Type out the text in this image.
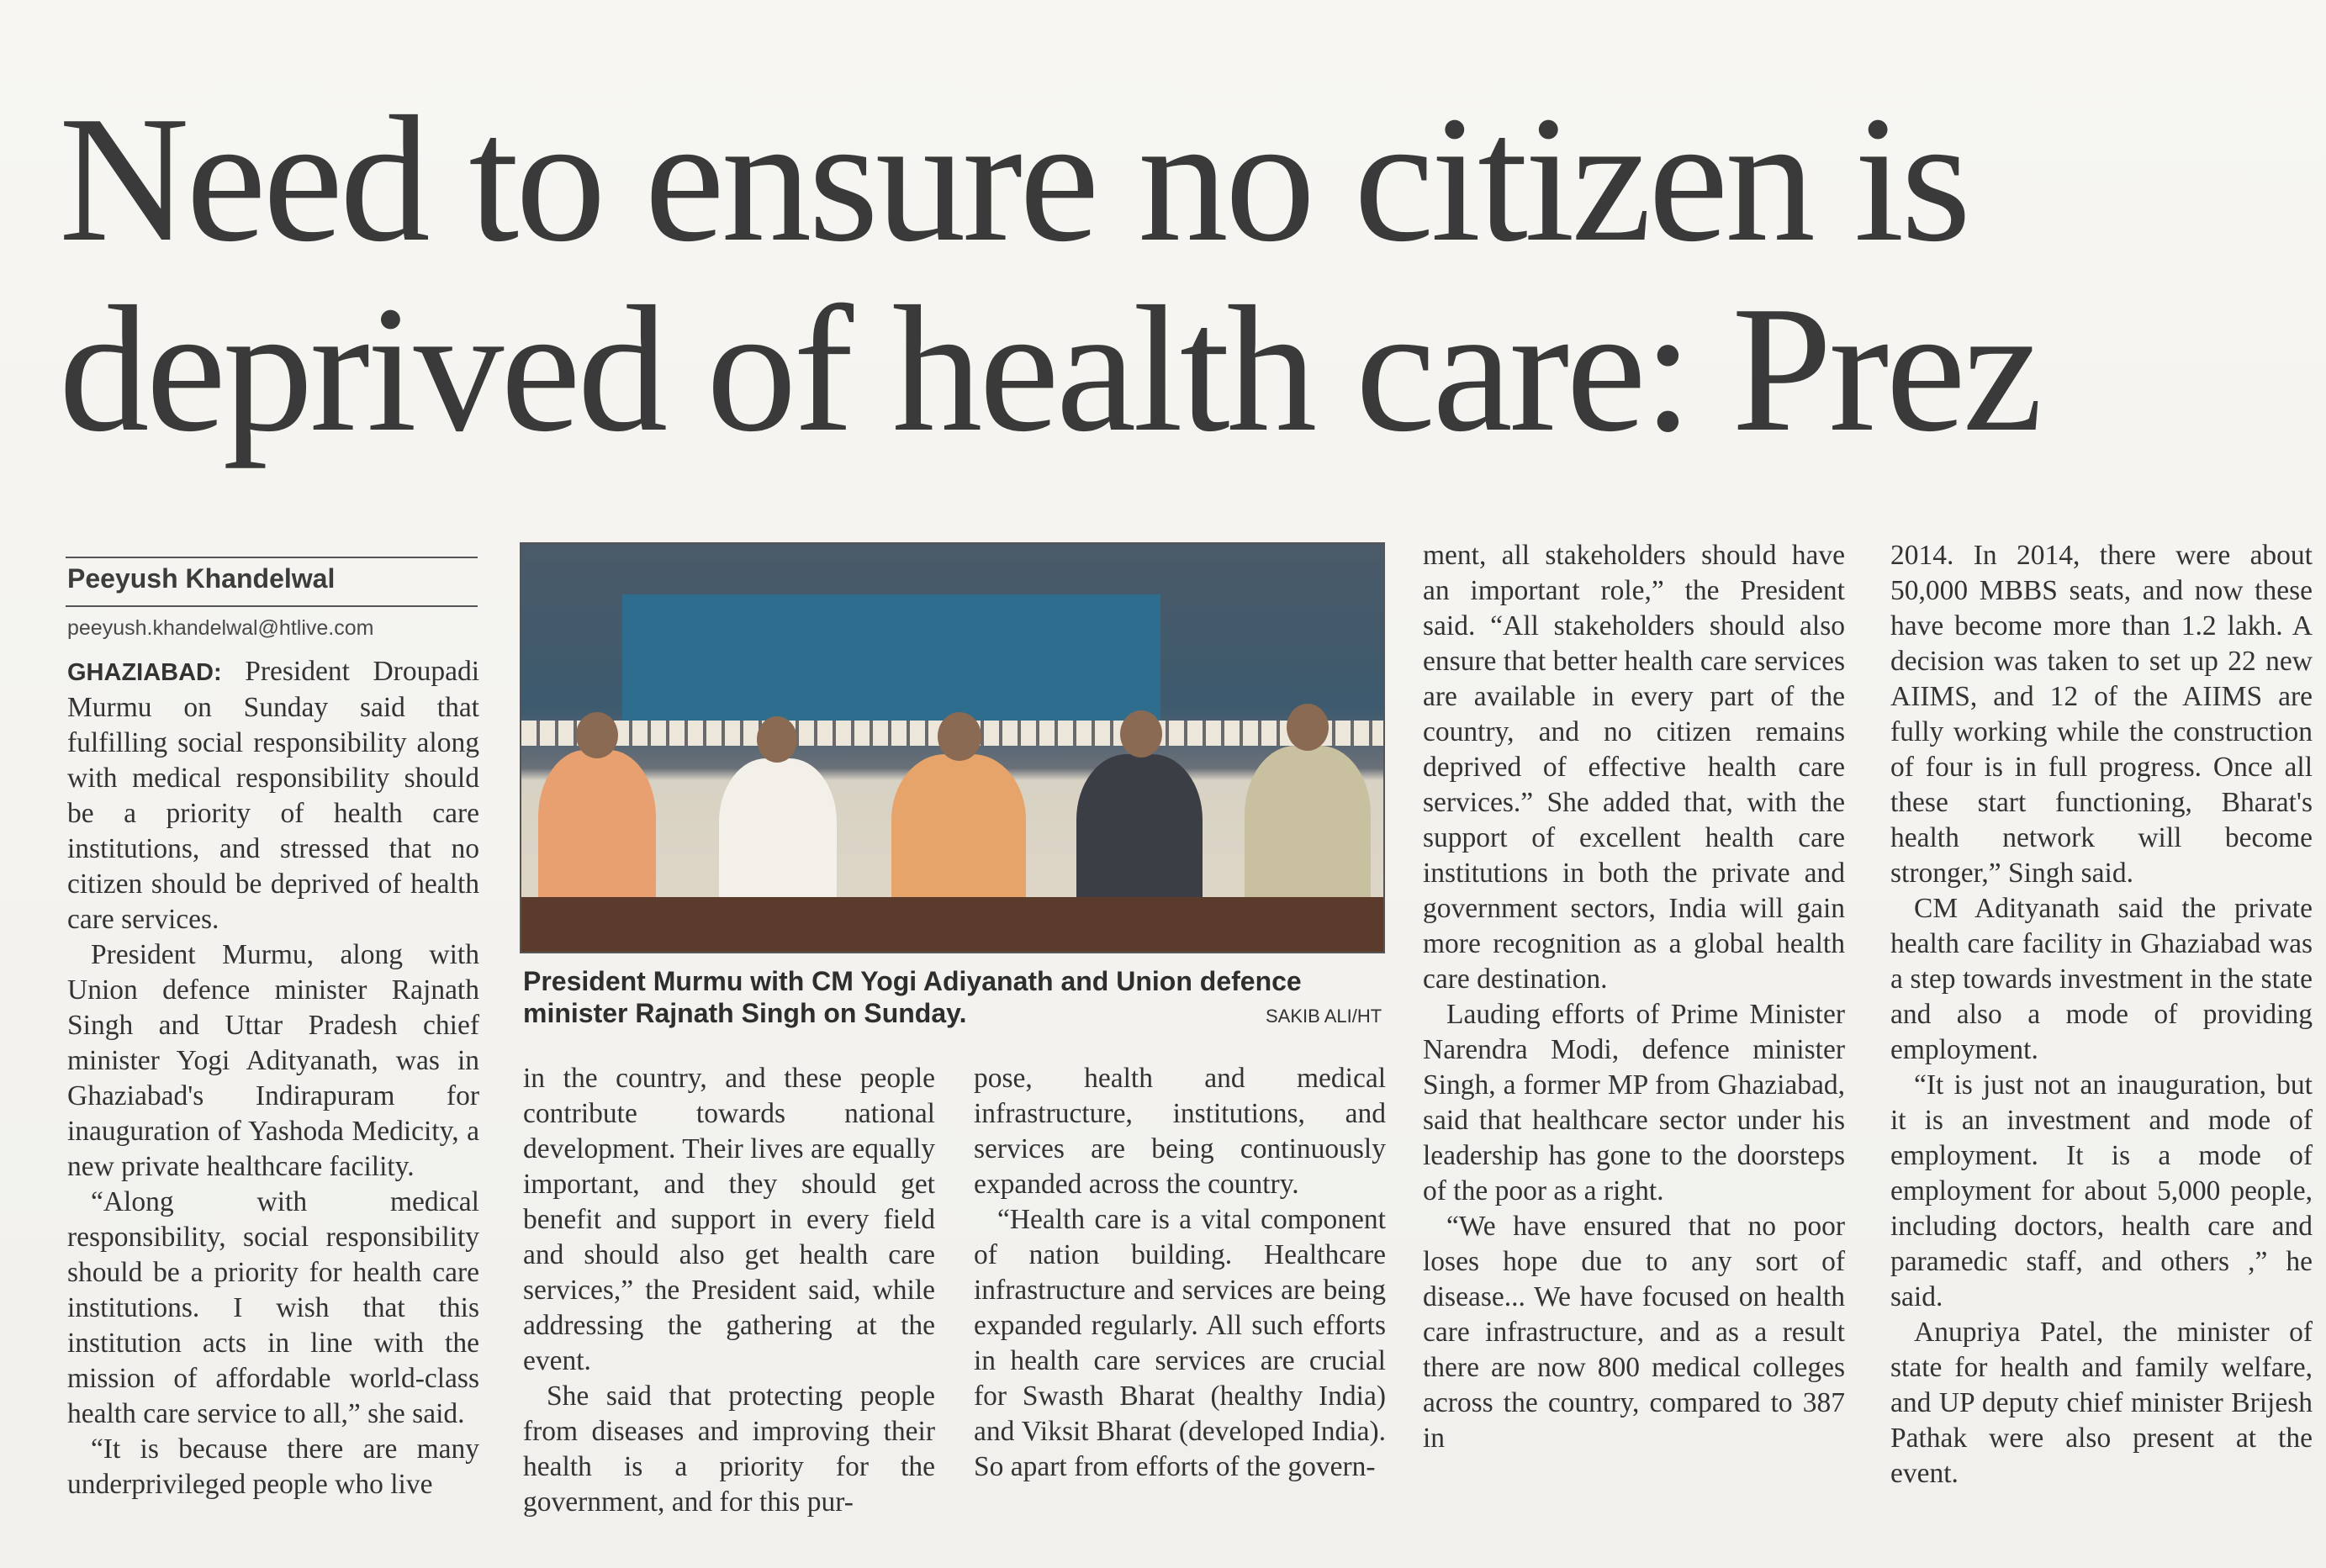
Need to ensure no citizen is
deprived of health care: Prez
Peeyush Khandelwal
peeyush.khandelwal@htlive.com

GHAZIABAD: President Droupadi Murmu on Sunday said that fulfilling social responsibility along with medical responsibility should be a priority of health care institutions, and stressed that no citizen should be deprived of health care services.

President Murmu, along with Union defence minister Rajnath Singh and Uttar Pradesh chief minister Yogi Adityanath, was in Ghaziabad's Indirapuram for inauguration of Yashoda Medicity, a new private healthcare facility.

“Along with medical responsibility, social responsibility should be a priority for health care institutions. I wish that this institution acts in line with the mission of affordable world-class health care service to all,” she said.

“It is because there are many underprivileged people who live

President Murmu with CM Yogi Adiyanath and Union defence minister Rajnath Singh on Sunday.	SAKIB ALI/HT

in the country, and these people contribute towards national development. Their lives are equally important, and they should get benefit and support in every field and should also get health care services,” the President said, while addressing the gathering at the event.

She said that protecting people from diseases and improving their health is a priority for the government, and for this pur-

pose, health and medical infrastructure, institutions, and services are being continuously expanded across the country.

“Health care is a vital component of nation building. Healthcare infrastructure and services are being expanded regularly. All such efforts in health care services are crucial for Swasth Bharat (healthy India) and Viksit Bharat (developed India). So apart from efforts of the govern-

ment, all stakeholders should have an important role,” the President said. “All stakeholders should also ensure that better health care services are available in every part of the country, and no citizen remains deprived of effective health care services.” She added that, with the support of excellent health care institutions in both the private and government sectors, India will gain more recognition as a global health care destination.

Lauding efforts of Prime Minister Narendra Modi, defence minister Singh, a former MP from Ghaziabad, said that healthcare sector under his leadership has gone to the doorsteps of the poor as a right.

“We have ensured that no poor loses hope due to any sort of disease... We have focused on health care infrastructure, and as a result there are now 800 medical colleges across the country, compared to 387 in

2014. In 2014, there were about 50,000 MBBS seats, and now these have become more than 1.2 lakh. A decision was taken to set up 22 new AIIMS, and 12 of the AIIMS are fully working while the construction of four is in full progress. Once all these start functioning, Bharat's health network will become stronger,” Singh said.

CM Adityanath said the private health care facility in Ghaziabad was a step towards investment in the state and also a mode of providing employment.

“It is just not an inauguration, but it is an investment and mode of employment. It is a mode of employment for about 5,000 people, including doctors, health care and paramedic staff, and others ,” he said.

Anupriya Patel, the minister of state for health and family welfare, and UP deputy chief minister Brijesh Pathak were also present at the event.
